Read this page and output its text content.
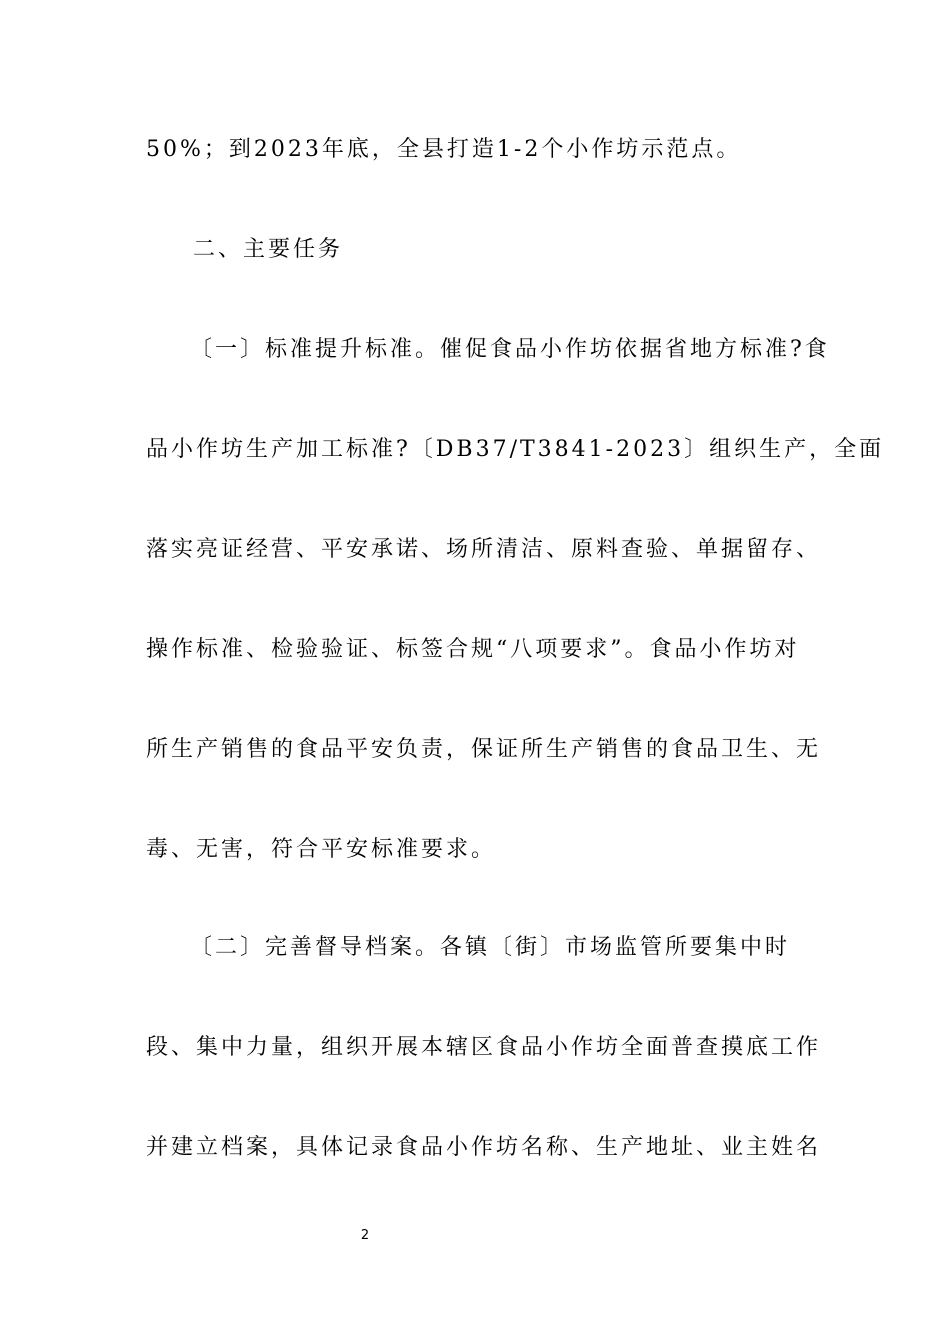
50%；到2023年底，全县打造1-2个小作坊示范点。
二、主要任务
〔一〕标准提升标准。催促食品小作坊依据省地方标准?食
品小作坊生产加工标准?〔DB37/T3841-2023〕组织生产，全面
落实亮证经营、平安承诺、场所清洁、原料查验、单据留存、
操作标准、检验验证、标签合规“八项要求”。食品小作坊对
所生产销售的食品平安负责，保证所生产销售的食品卫生、无
毒、无害，符合平安标准要求。
〔二〕完善督导档案。各镇〔街〕市场监管所要集中时
段、集中力量，组织开展本辖区食品小作坊全面普查摸底工作
并建立档案，具体记录食品小作坊名称、生产地址、业主姓名
2
